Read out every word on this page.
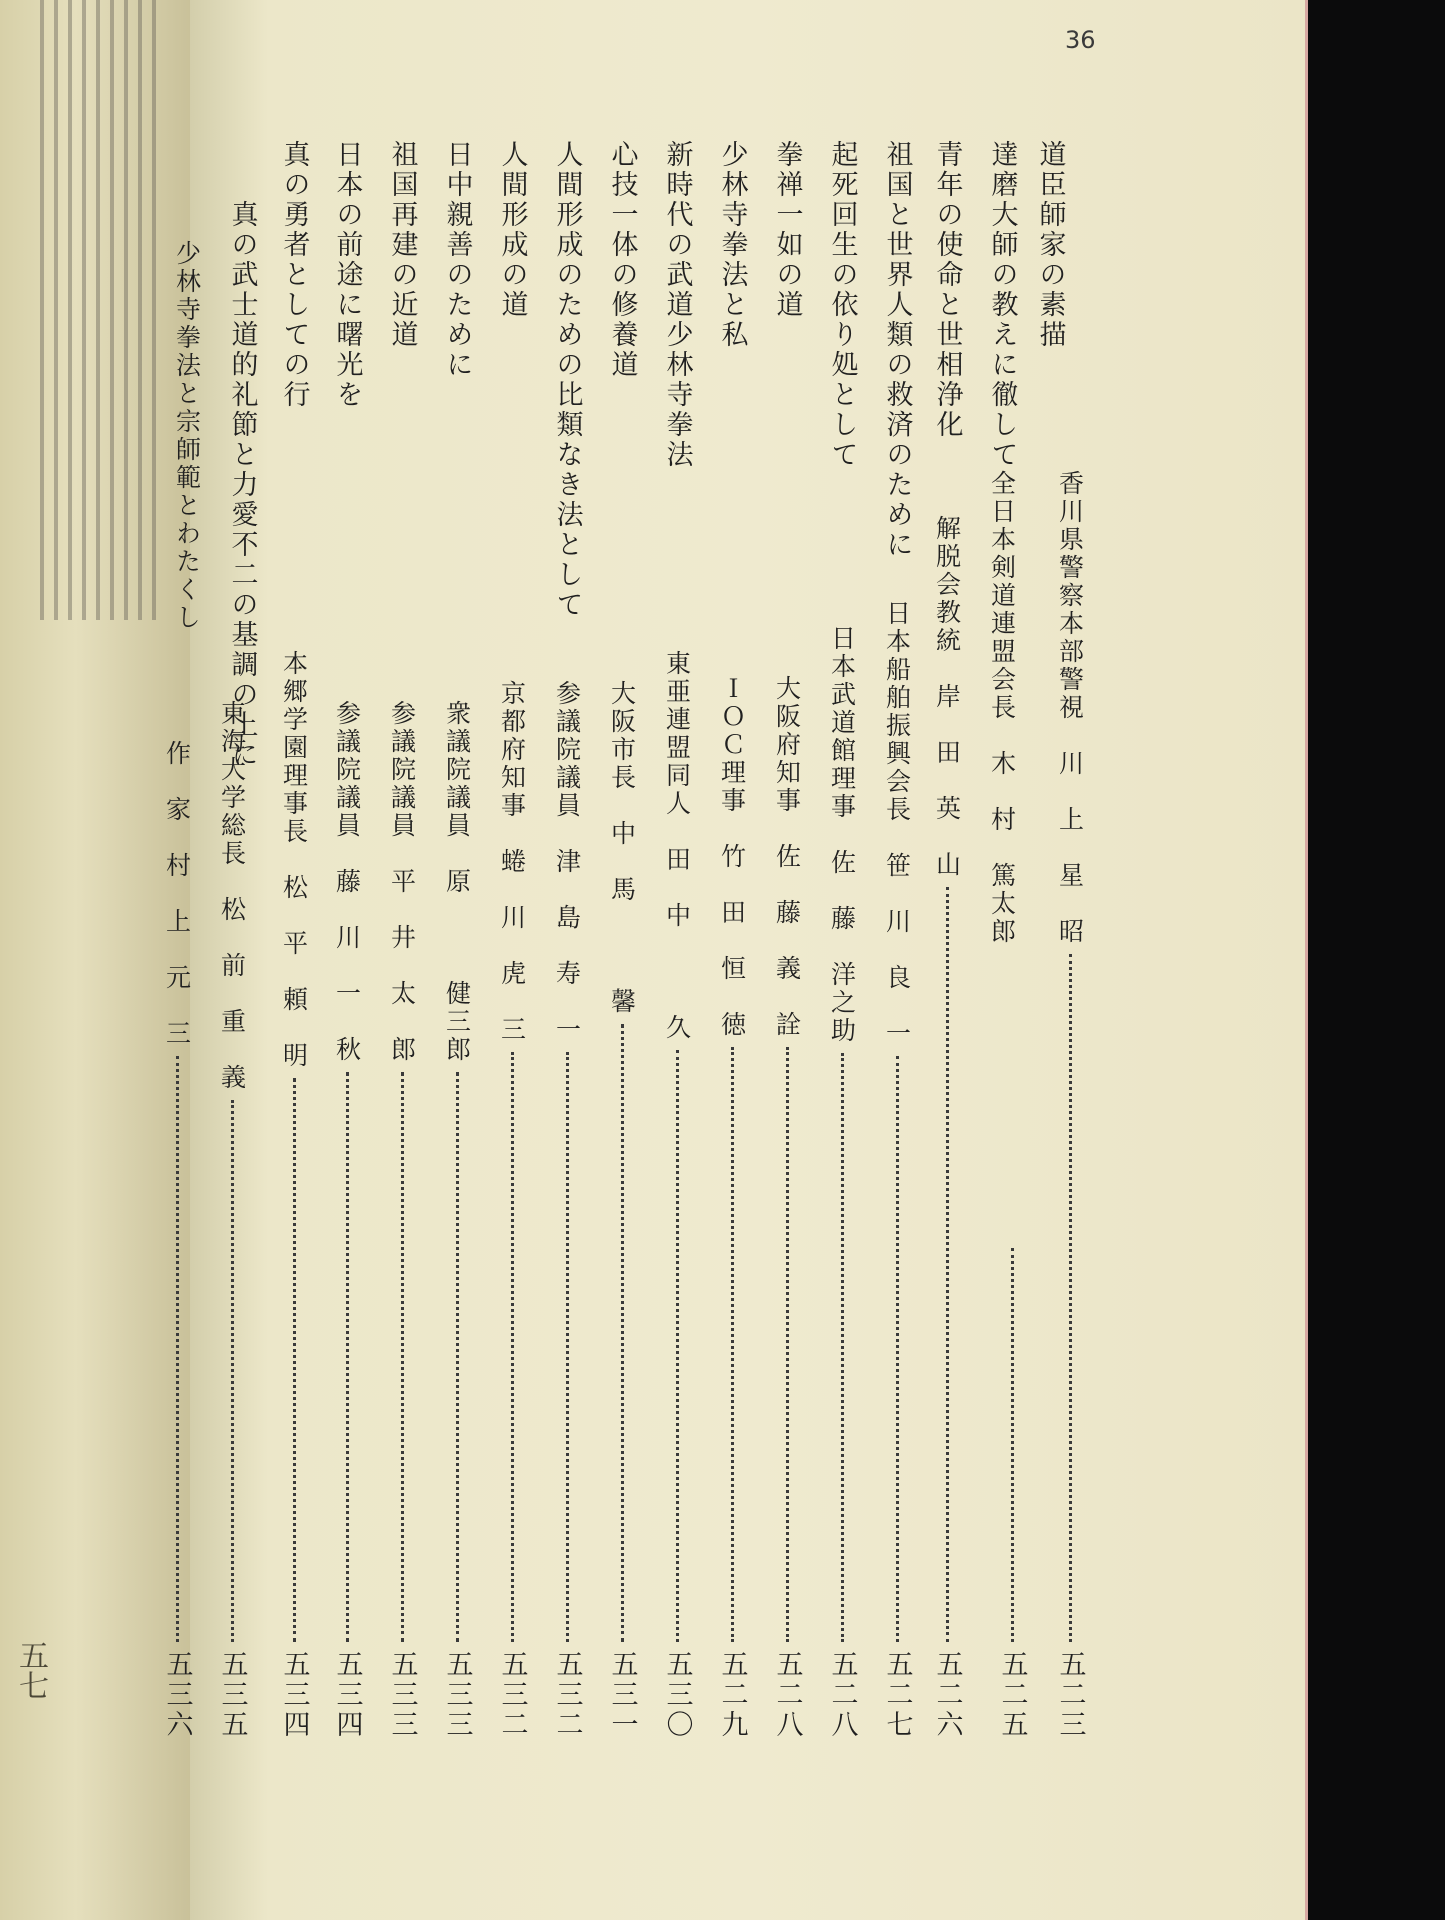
五七
36
道臣師家の素描
香川県警察本部警視　川　上　星　昭
五二三
達磨大師の教えに徹して
全日本剣道連盟会長　木　村　篤太郎
五二五
青年の使命と世相浄化
解脱会教統　岸　田　英　山
五二六
祖国と世界人類の救済のために
日本船舶振興会長　笹　川　良　一
五二七
起死回生の依り処として
日本武道館理事　佐　藤　洋之助
五二八
拳禅一如の道
大阪府知事　佐　藤　義　詮
五二八
少林寺拳法と私
ＩＯＣ理事　竹　田　恒　徳
五二九
新時代の武道少林寺拳法
東亜連盟同人　田　中　　　久
五三〇
心技一体の修養道
大阪市長　中　馬　　　馨
五三一
人間形成のための比類なき法として
参議院議員　津　島　寿　一
五三二
人間形成の道
京都府知事　蜷　川　虎　三
五三二
日中親善のために
衆議院議員　原　　　健三郎
五三三
祖国再建の近道
参議院議員　平　井　太　郎
五三三
日本の前途に曙光を
参議院議員　藤　川　一　秋
五三四
真の勇者としての行
本郷学園理事長　松　平　頼　明
五三四
真の武士道的礼節と力愛不二の基調の上に
東海大学総長　松　前　重　義
五三五
少林寺拳法と宗師範とわたくし
作　家　村　上　元　三
五三六
